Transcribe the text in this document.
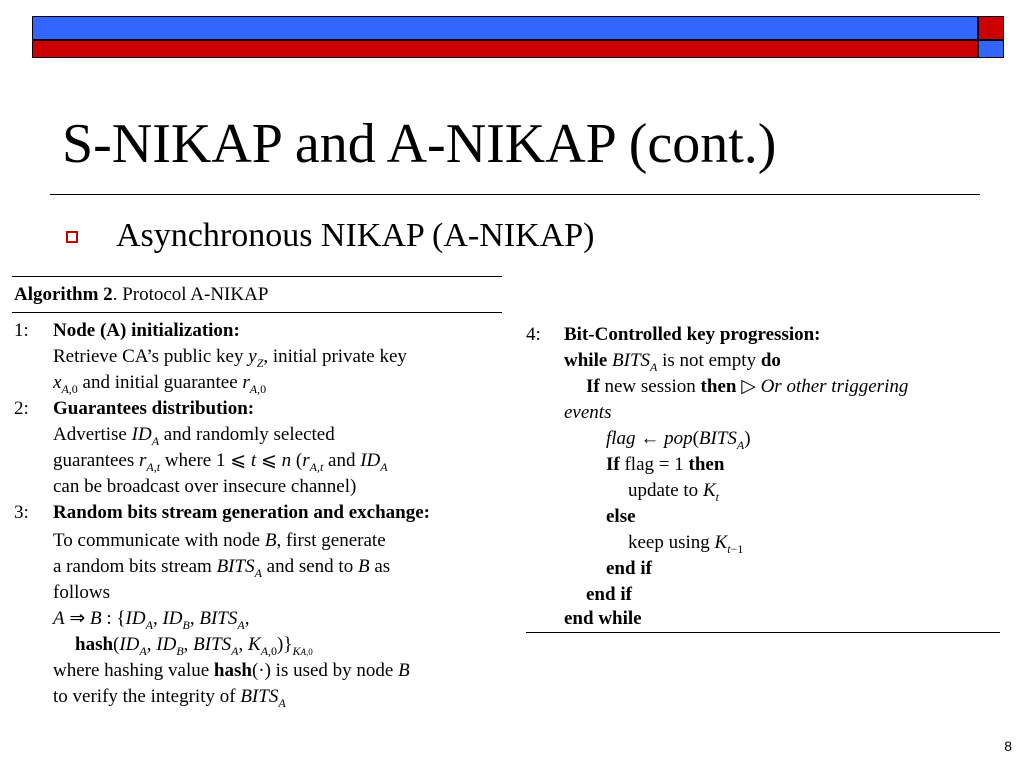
S-NIKAP and A-NIKAP (cont.)
Asynchronous NIKAP (A-NIKAP)
Algorithm 2. Protocol A-NIKAP
1: Node (A) initialization:
Retrieve CA’s public key $y_Z$, initial private key
$x_{A,0}$ and initial guarantee $r_{A,0}$
2: Guarantees distribution:
Advertise $ID_A$ and randomly selected
guarantees $r_{A,t}$ where 1 ⩽ t ⩽ n ($r_{A,t}$ and $ID_A$
can be broadcast over insecure channel)
3: Random bits stream generation and exchange:
To communicate with node B, first generate
a random bits stream $BITS_A$ and send to B as
follows
A ⇒ B : {$ID_A$, $ID_B$, $BITS_A$,
$hash(ID_A$, $ID_B$, $BITS_A$, $K_{A,0})\}_{KA,0}$
where hashing value hash(·) is used by node B
to verify the integrity of $BITS_A$
4: Bit-Controlled key progression:
while $BITS_A$ is not empty do
If new session then ▷ Or other triggering
events
flag ← $pop(BITS_A)$
If flag = 1 then
update to $K_t$
else
keep using $K_{t-1}$
end if
end if
end while
8
